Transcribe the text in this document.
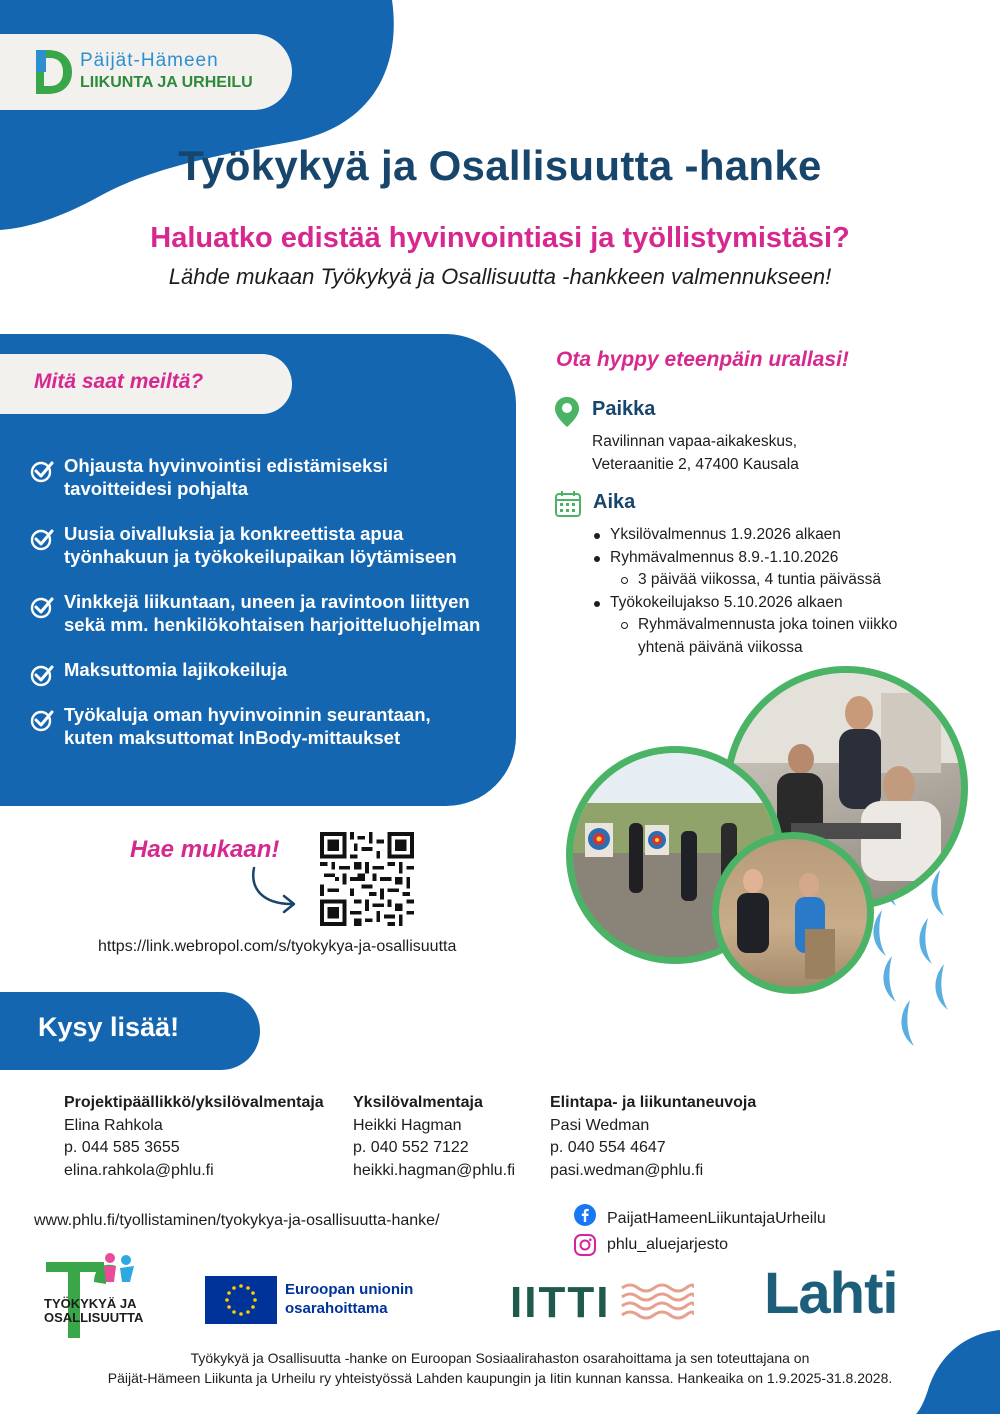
Päijät-Hämeen
LIIKUNTA JA URHEILU
Työkykyä ja Osallisuutta -hanke
Haluatko edistää hyvinvointiasi ja työllistymistäsi?
Lähde mukaan Työkykyä ja Osallisuutta -hankkeen valmennukseen!
Mitä saat meiltä?
Ohjausta hyvinvointisi edistämiseksi
tavoitteidesi pohjalta
Uusia oivalluksia ja konkreettista apua
työnhakuun ja työkokeilupaikan löytämiseen
Vinkkejä liikuntaan, uneen ja ravintoon liittyen
sekä mm. henkilökohtaisen harjoitteluohjelman
Maksuttomia lajikokeiluja
Työkaluja oman hyvinvoinnin seurantaan,
kuten maksuttomat InBody-mittaukset
Ota hyppy eteenpäin urallasi!
Paikka
Ravilinnan vapaa-aikakeskus,
Veteraanitie 2, 47400 Kausala
Aika
Yksilövalmennus 1.9.2026 alkaen
Ryhmävalmennus 8.9.-1.10.2026
3 päivää viikossa, 4 tuntia päivässä
Työkokeilujakso 5.10.2026 alkaen
Ryhmävalmennusta joka toinen viikko
yhtenä päivänä viikossa
Hae mukaan!
https://link.webropol.com/s/tyokykya-ja-osallisuutta
Kysy lisää!
Projektipäällikkö/yksilövalmentaja
Elina Rahkola
p. 044 585 3655
elina.rahkola@phlu.fi
Yksilövalmentaja
Heikki Hagman
p. 040 552 7122
heikki.hagman@phlu.fi
Elintapa- ja liikuntaneuvoja
Pasi Wedman
p. 040 554 4647
pasi.wedman@phlu.fi
www.phlu.fi/tyollistaminen/tyokykya-ja-osallisuutta-hanke/	PaijatHameenLiikuntajaUrheilu
phlu_aluejarjesto
TYÖKYKYÄ JA
OSALLISUUTTA
Euroopan unionin
osarahoittama	IITTI	Lahti
Työkykyä ja Osallisuutta -hanke on Euroopan Sosiaalirahaston osarahoittama ja sen toteuttajana on
Päijät-Hämeen Liikunta ja Urheilu ry yhteistyössä Lahden kaupungin ja Iitin kunnan kanssa. Hankeaika on 1.9.2025-31.8.2028.
